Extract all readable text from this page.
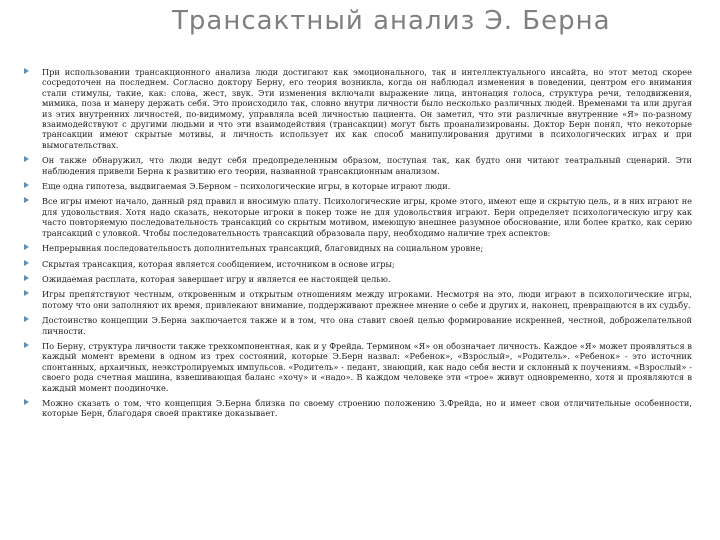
Трансактный анализ Э. Берна
При использовании трансакционного анализа люди достигают как эмоционального, так и интеллектуального инсайта, но этот метод скорее сосредоточен на последнем. Согласно доктору Берну, его теория возникла, когда он наблюдал изменения в поведении, центром его внимания стали стимулы, такие, как: слова, жест, звук. Эти изменения включали выражение лица, интонация голоса, структура речи, телодвижения, мимика, поза и манеру держать себя. Это происходило так, словно внутри личности было несколько различных людей. Временами та или другая из этих внутренних личностей, по-видимому, управляла всей личностью пациента. Он заметил, что эти различные внутренние «Я» по-разному взаимодействуют с другими людьми и что эти взаимодействия (трансакции) могут быть проанализированы. Доктор Берн понял, что некоторые трансакции имеют скрытые мотивы, и личность использует их как способ манипулирования другими в психологических играх и при вымогательствах.
Он также обнаружил, что люди ведут себя предопределенным образом, поступая так, как будто они читают театральный сценарий. Эти наблюдения привели Берна к развитию его теории, названной трансакционным анализом.
Еще одна гипотеза, выдвигаемая Э.Берном – психологические игры, в которые играют люди.
Все игры имеют начало, данный ряд правил и вносимую плату. Психологические игры, кроме этого, имеют еще и скрытую цель, и в них играют не для удовольствия. Хотя надо сказать, некоторые игроки в покер тоже не для удовольствия играют. Берн определяет психологическую игру как часто повторяемую последовательность трансакций со скрытым мотивом, имеющую внешнее разумное обоснование, или более кратко, как серию трансакций с уловкой. Чтобы последовательность трансакций образовала пару, необходимо наличие трех аспектов:
Непрерывная последовательность дополнительных трансакций, благовидных на социальном уровне;
Скрытая трансакция, которая является сообщением, источником в основе игры;
Ожидаемая расплата, которая завершает игру и является ее настоящей целью.
Игры препятствуют честным, откровенным и открытым отношениям между игроками. Несмотря на это, люди играют в психологические игры, потому что они заполняют их время, привлекают внимание, поддерживают прежнее мнение о себе и других и, наконец, превращаются в их судьбу.
Достоинство концепции Э.Берна заключается также и в том, что она ставит своей целью формирование искренней, честной, доброжелательной личности.
По Берну, структура личности также трехкомпонентная, как и у Фрейда. Термином «Я» он обозначает личность. Каждое «Я» может проявляться в каждый момент времени в одном из трех состояний, которые Э.Берн назвал: «Ребенок», «Взрослый», «Родитель». «Ребенок» - это источник спонтанных, архаичных, неэкстролируемых импульсов. «Родитель» - педант, знающий, как надо себя вести и склонный к поучениям. «Взрослый» - своего рода счетная машина, взвешивающая баланс «хочу» и «надо». В каждом человеке эти «трое» живут одновременно, хотя и проявляются в каждый момент поодиночке.
Можно сказать о том, что концепция Э.Берна близка по своему строению положению З.Фрейда, но и имеет свои отличительные особенности, которые Берн, благодаря своей практике доказывает.
